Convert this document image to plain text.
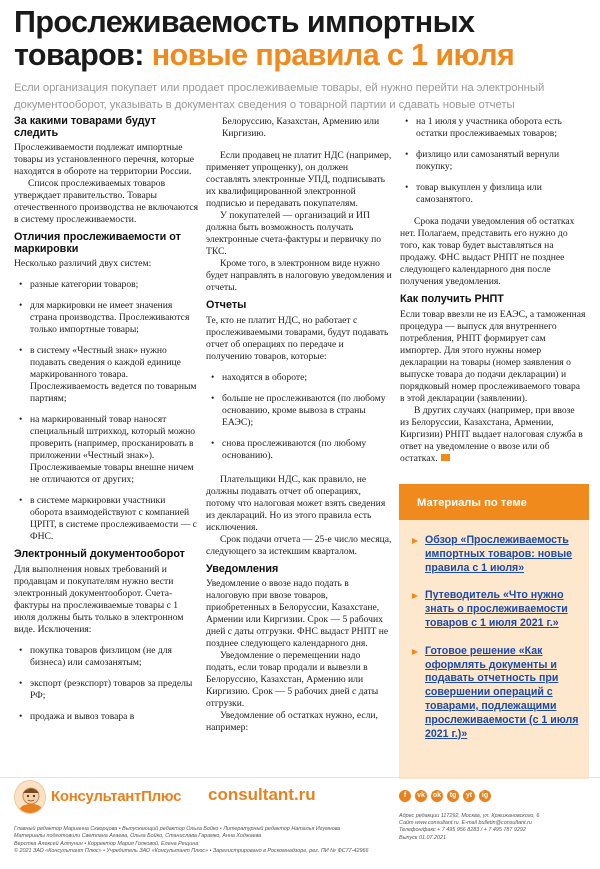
Прослеживаемость импортных
товаров: новые правила с 1 июля
Если организация покупает или продает прослеживаемые товары, ей нужно перейти на электронный документооборот, указывать в документах сведения о товарной партии и сдавать новые отчеты
За какими товарами будут следить

Прослеживаемости подлежат импортные товары из установленного перечня, которые находятся в обороте на территории России.

Список прослеживаемых товаров утверждает правительство. Товары отечественного производства не включаются в систему прослеживаемости.

Отличия прослеживаемости от маркировки

Несколько различий двух систем:

• разные категории товаров;
• для маркировки не имеет значения страна производства. Прослеживаются только импортные товары;
• в систему «Честный знак» нужно подавать сведения о каждой единице маркированного товара. Прослеживаемость ведется по товарным партиям;
• на маркированный товар наносят специальный штрихкод, который можно проверить (например, просканировать в приложении «Честный знак»). Прослеживаемые товары внешне ничем не отличаются от других;
• в системе маркировки участники оборота взаимодействуют с компанией ЦРПТ, в системе прослеживаемости — с ФНС.
Электронный документооборот

Для выполнения новых требований и продавцам и покупателям нужно вести электронный документооборот. Счета-фактуры на прослеживаемые товары с 1 июля должны быть только в электронном виде. Исключения:

• покупка товаров физлицом (не для бизнеса) или самозанятым;
• экспорт (реэкспорт) товаров за пределы РФ;
• продажа и вывоз товара в

Белоруссию, Казахстан, Армению или Киргизию.

Если продавец не платит НДС (например, применяет упрощенку), он должен составлять электронные УПД, подписывать их квалифицированной электронной подписью и передавать покупателям.

У покупателей — организаций и ИП должна быть возможность получать электронные счета-фактуры и первичку по ТКС.

Кроме того, в электронном виде нужно будет направлять в налоговую уведомления и отчеты.

Отчеты

Те, кто не платит НДС, но работает с прослеживаемыми товарами, будут подавать отчет об операциях по передаче и получению товаров, которые:

• находятся в обороте;
• больше не прослеживаются (по любому основанию, кроме вывоза в страны ЕАЭС);
• снова прослеживаются (по любому основанию).

Плательщики НДС, как правило, не должны подавать отчет об операциях, потому что налоговая может взять сведения из деклараций. Но из этого правила есть исключения.

Срок подачи отчета — 25-е число месяца, следующего за истекшим кварталом.

Уведомления

Уведомление о ввозе надо подать в налоговую при ввозе товаров, приобретенных в Белоруссии, Казахстане, Армении или Киргизии. Срок — 5 рабочих дней с даты отгрузки. ФНС выдаст РНПТ не позднее следующего календарного дня.

Уведомление о перемещении надо подать, если товар продали и вывезли в Белоруссию, Казахстан, Армению или Киргизию. Срок — 5 рабочих дней с даты отгрузки.

Уведомление об остатках нужно, если, например:

• на 1 июля у участника оборота есть остатки прослеживаемых товаров;
• физлицо или самозанятый вернули покупку;
• товар выкуплен у физлица или самозанятого.

Срока подачи уведомления об остатках нет. Полагаем, представить его нужно до того, как товар будет выставляться на продажу. ФНС выдаст РНПТ не позднее следующего календарного дня после получения уведомления.

Как получить РНПТ

Если товар ввезли не из ЕАЭС, а таможенная процедура — выпуск для внутреннего потребления, РНПТ формирует сам импортер. Для этого нужны номер декларации на товары (номер заявления о выпуске товара до подачи декларации) и порядковый номер прослеживаемого товара в этой декларации (заявлении).

В других случаях (например, при ввозе из Белоруссии, Казахстана, Армении, Киргизии) РНПТ выдает налоговая служба в ответ на уведомление о ввозе или об остатках.

Материалы по теме
Обзор «Прослеживаемость импортных товаров: новые правила с 1 июля»
Путеводитель «Что нужно знать о прослеживаемости товаров с 1 июля 2021 г.»
Готовое решение «Как оформлять документы и подавать отчетность при совершении операций с товарами, подлежащими прослеживаемости (с 1 июля 2021 г.)»
КонсультантПлюс consultant.ru	f	vk	ok	tg	yt	ig
Главный редактор Марианна Скворцова • Выпускающий редактор Ольга Бойко • Литературный редактор Наталья Игумнова
Материалы подготовили Светлана Агаева, Ольга Бойко, Станислава Гарамко, Анна Ходжаева
Верстка Алексей Алтунин • Корректор Мария Голковой, Елена Рещина
© 2021 ЗАО «Консультант Плюс» • Учредитель ЗАО «Консультант Плюс» • Зарегистрировано в Роскомнадзоре, рег. ПИ № ФС77-42966
Адрес редакции 117292, Москва, ул. Кржижановского, 6
Сайт www.consultant.ru. E-mail bulletin@consultant.ru
Телефон/факс + 7 495 956 8283 / + 7 495 787 9292
Выпуск 01.07.2021
